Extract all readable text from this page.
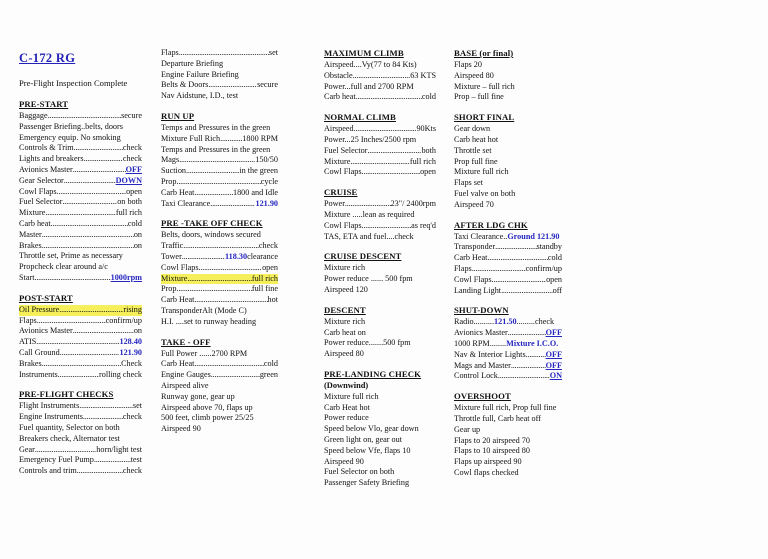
C-172 RG
Pre-Flight Inspection Complete
PRE-START
Baggage .....	secure
Passenger Briefing..belts, doors
Emergency equip. No smoking
Controls & Trim .....	check
Lights and breakers .....	check
Avionics Master .....	OFF
Gear Selector .....	DOWN
Cowl Flaps .....	open
Fuel Selector .....	on both
Mixture .....	full rich
Carb heat .....	cold
Master .....	on
Brakes .....	on
Throttle set, Prime as necessary
Prop check clear around a/c
Start .....	1000rpm
POST-START
Oil Pressure .....	rising
Flaps .....	confirm/up
Avionics Master .....	on
ATIS .....	128.40
Call Ground .....	121.90
Brakes .....	Check
Instruments .....	rolling check
PRE-FLIGHT CHECKS
Flight Instruments .....	set
Engine Instruments .....	check
Fuel quantity, Selector on both
Breakers check, Alternator test
Gear .....	horn/light test
Emergency Fuel Pump .....	test
Controls and trim .....	check
Flaps .....	set
Departure Briefing
Engine Failure Briefing
Belts & Doors .....	secure
Nav Aids tune, I.D., test
RUN UP
Temps and Pressures in the green
Mixture Full Rich .....	1800 RPM
Temps and Pressures in the green
Mags .....	150/50
Suction .....	in the green
Prop .....	cycle
Carb Heat .....	1800 and Idle
Taxi Clearance .....	121.90
PRE -TAKE OFF CHECK
Belts, doors, windows secured
Traffic .....	check
Tower .....	118.30 clearance
Cowl Flaps .....	open
Mixture .....	full rich
Prop .....	full fine
Carb Heat .....	hot
Transponder Alt (Mode C)
H.I. ....set to runway heading
TAKE - OFF
Full Power ......2700 RPM
Carb Heat .....	cold
Engine Gauges .....	green
Airspeed alive
Runway gone, gear up
Airspeed above 70, flaps up
500 feet, climb power 25/25
Airspeed 90
MAXIMUM CLIMB
Airspeed....Vy(77 to 84 Kts)
Obstacle .....	63 KTS
Power...full and 2700 RPM
Carb heat .....	cold
NORMAL CLIMB
Airspeed .....	90Kts
Power...25 Inches/2500 rpm
Fuel Selector .....	both
Mixture .....	full rich
Cowl Flaps .....	open
CRUISE
Power .....	23"/ 2400rpm
Mixture .....lean as required
Cowl Flaps .....	as req'd
TAS, ETA and fuel....check
CRUISE DESCENT
Mixture rich
Power reduce ...... 500 fpm
Airspeed 120
DESCENT
Mixture rich
Carb heat on
Power reduce.......500 fpm
Airspeed 80
PRE-LANDING CHECK
(Downwind)
Mixture full rich
Carb Heat hot
Power reduce
Speed below Vlo, gear down
Green light on, gear out
Speed below Vfe, flaps 10
Airspeed 90
Fuel Selector on both
Passenger Safety Briefing
BASE (or final)
Flaps 20
Airspeed 80
Mixture – full rich
Prop – full fine
SHORT FINAL
Gear down
Carb heat hot
Throttle set
Prop full fine
Mixture full rich
Flaps set
Fuel valve on both
Airspeed 70
AFTER LDG CHK
Taxi Clearance.. Ground 121.90
Transponder .....	standby
Carb Heat .....	cold
Flaps .....	confirm/up
Cowl Flaps .....	open
Landing Light .....	off
SHUT-DOWN
Radio.......... 121.50 .........check
Avionics Master .....	OFF
1000 RPM........ Mixture I.C.O.
Nav & Interior Lights ..... OFF
Mags and Master .....	OFF
Control Lock .....	ON
OVERSHOOT
Mixture full rich, Prop full fine
Throttle full, Carb heat off
Gear up
Flaps to 20 airspeed 70
Flaps to 10 airspeed 80
Flaps up airspeed 90
Cowl flaps checked
